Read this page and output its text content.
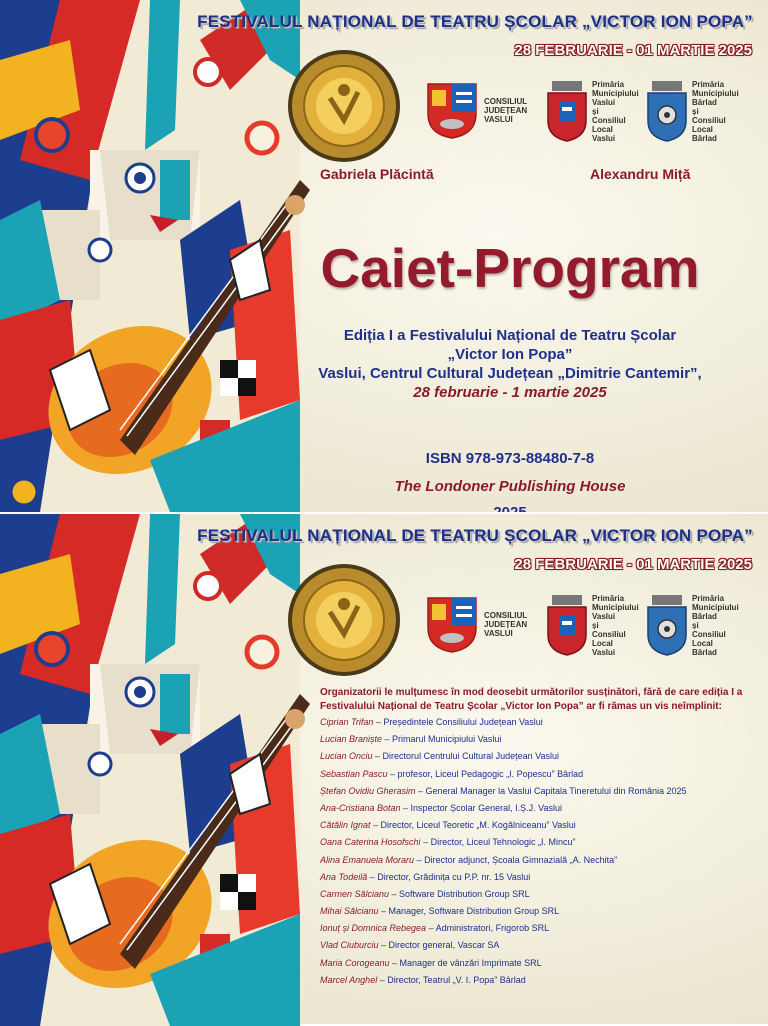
FESTIVALUL NAȚIONAL DE TEATRU ȘCOLAR „VICTOR ION POPA”
28 FEBRUARIE - 01 MARTIE 2025
CONSILIUL
JUDEȚEAN
VASLUI
Primăria
Municipiului
Vaslui
și
Consiliul
Local
Vaslui
Primăria
Municipiului
Bârlad
și
Consiliul
Local
Bârlad
Gabriela Plăcintă	Alexandru Miță
Caiet-Program
Ediția I a Festivalului Național de Teatru Școlar
„Victor Ion Popa”
Vaslui, Centrul Cultural Județean „Dimitrie Cantemir”,
28 februarie - 1 martie 2025
ISBN 978-973-88480-7-8
The Londoner Publishing House
FESTIVALUL NAȚIONAL DE TEATRU ȘCOLAR „VICTOR ION POPA”
28 FEBRUARIE - 01 MARTIE 2025
CONSILIUL
JUDEȚEAN
VASLUI
Primăria
Municipiului
Vaslui
și
Consiliul
Local
Vaslui
Primăria
Municipiului
Bârlad
și
Consiliul
Local
Bârlad
Organizatorii le mulțumesc în mod deosebit următorilor susținători, fără de care ediția I a Festivalului Național de Teatru Școlar „Victor Ion Popa” ar fi rămas un vis neîmplinit:
Ciprian Trifan – Președintele Consiliului Județean Vaslui
Lucian Braniște – Primarul Municipiului Vaslui
Lucian Onciu – Directorul Centrului Cultural Județean Vaslui
Sebastian Pascu – profesor, Liceul Pedagogic „I. Popescu” Bârlad
Ștefan Ovidiu Gherasim – General Manager la Vaslui Capitala Tineretului din România 2025
Ana-Cristiana Botan – Inspector Școlar General, I.Ș.J. Vaslui
Cătălin Ignat – Director, Liceul Teoretic „M. Kogălniceanu” Vaslui
Oana Caterina Hosofschi – Director, Liceul Tehnologic „I. Mincu”
Alina Emanuela Moraru – Director adjunct, Școala Gimnazială „A. Nechita”
Ana Todeilă – Director, Grădinița cu P.P. nr. 15 Vaslui
Carmen Sălcianu – Software Distribution Group SRL
Mihai Sălcianu – Manager, Software Distribution Group SRL
Ionuț și Domnica Rebegea – Administratori, Frigorob SRL
Vlad Ciuburciu – Director general, Vascar SA
Maria Corogeanu – Manager de vânzări Imprimate SRL
Marcel Anghel – Director, Teatrul „V. I. Popa” Bârlad
